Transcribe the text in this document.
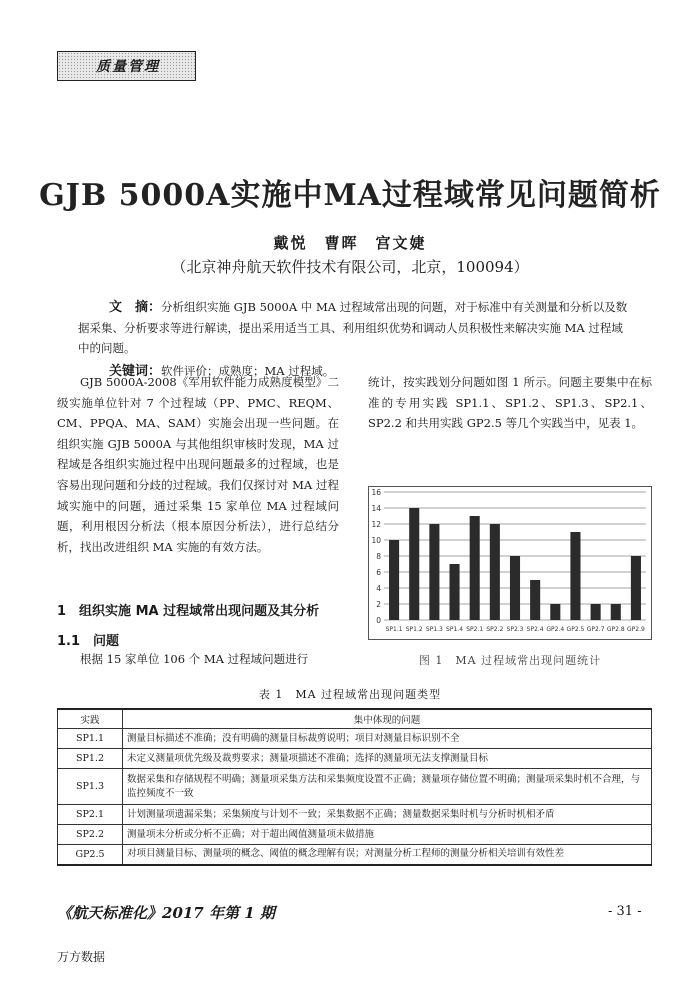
质量管理
GJB 5000A实施中MA过程域常见问题简析
戴悦　曹晖　宫文婕
（北京神舟航天软件技术有限公司，北京，100094）
文　摘：分析组织实施 GJB 5000A 中 MA 过程域常出现的问题，对于标准中有关测量和分析以及数据采集、分析要求等进行解读，提出采用适当工具、利用组织优势和调动人员积极性来解决实施 MA 过程域中的问题。
关键词：软件评价；成熟度；MA 过程域。
GJB 5000A-2008《军用软件能力成熟度模型》二级实施单位针对 7 个过程域（PP、PMC、REQM、CM、PPQA、MA、SAM）实施会出现一些问题。在组织实施 GJB 5000A 与其他组织审核时发现，MA 过程域是各组织实施过程中出现问题最多的过程域，也是容易出现问题和分歧的过程域。我们仅探讨对 MA 过程域实施中的问题，通过采集 15 家单位 MA 过程域问题，利用根因分析法（根本原因分析法），进行总结分析，找出改进组织 MA 实施的有效方法。
1　组织实施 MA 过程域常出现问题及其分析
1.1　问题
根据 15 家单位 106 个 MA 过程域问题进行
统计，按实践划分问题如图 1 所示。问题主要集中在标准的专用实践 SP1.1、SP1.2、SP1.3、SP2.1、SP2.2 和共用实践 GP2.5 等几个实践当中，见表 1。
0
2
4
6
8
10
12
14
16
SP1.1 SP1.2 SP1.3 SP1.4 SP2.1 SP2.2 SP2.3 SP2.4 GP2.4 GP2.5 GP2.7 GP2.8 GP2.9
图 1　MA 过程域常出现问题统计
表 1　MA 过程域常出现问题类型
实践	集中体现的问题
SP1.1	测量目标描述不准确；没有明确的测量目标裁剪说明；项目对测量目标识别不全
SP1.2	未定义测量项优先级及裁剪要求；测量项描述不准确；选择的测量项无法支撑测量目标
SP1.3	数据采集和存储规程不明确；测量项采集方法和采集频度设置不正确；测量项存储位置不明确；测量项采集时机不合理，与监控频度不一致
SP2.1	计划测量项遗漏采集；采集频度与计划不一致；采集数据不正确；测量数据采集时机与分析时机相矛盾
SP2.2	测量项未分析或分析不正确；对于超出阈值测量项未做措施
GP2.5	对项目测量目标、测量项的概念、阈值的概念理解有误；对测量分析工程师的测量分析相关培训有效性差
《航天标准化》2017 年第 1 期	- 31 -
万方数据
